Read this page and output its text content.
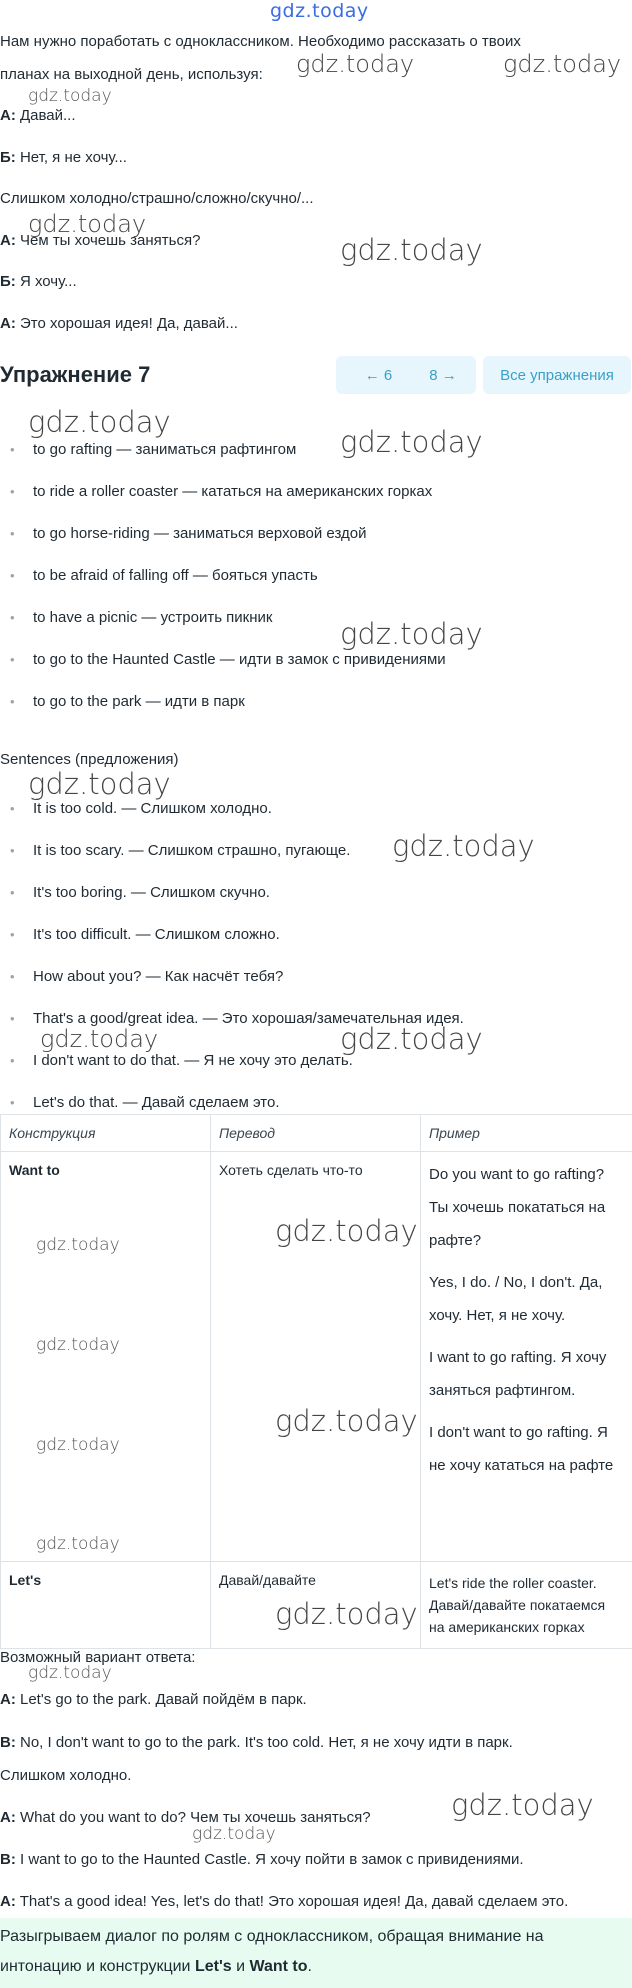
gdz.today

Нам нужно поработать с одноклассником. Необходимо рассказать о твоих

планах на выходной день, используя:

А: Давай...

Б: Нет, я не хочу...

Слишком холодно/страшно/сложно/скучно/...

А: Чем ты хочешь заняться?

Б: Я хочу...

А: Это хорошая идея! Да, давай...

Упражнение 7	← 6	8 →	Все упражнения
• to go rafting — заниматься рафтингом
• to ride a roller coaster — кататься на американских горках
• to go horse-riding — заниматься верховой ездой
• to be afraid of falling off — бояться упасть
• to have a picnic — устроить пикник
• to go to the Haunted Castle — идти в замок с привидениями
• to go to the park — идти в парк

Sentences (предложения)

• It is too cold. — Слишком холодно.
• It is too scary. — Слишком страшно, пугающе.
• It's too boring. — Слишком скучно.
• It's too difficult. — Слишком сложно.
• How about you? — Как насчёт тебя?
• That's a good/great idea. — Это хорошая/замечательная идея.
• I don't want to do that. — Я не хочу это делать.
• Let's do that. — Давай сделаем это.
Конструкция	Перевод	Пример
Want to	Хотеть сделать что-то	Do you want to go rafting? Ты хочешь покататься на рафте?

Yes, I do. / No, I don't. Да, хочу. Нет, я не хочу.

I want to go rafting. Я хочу заняться рафтингом.

I don't want to go rafting. Я не хочу кататься на рафте

Let's	Давай/давайте	Let's ride the roller coaster. Давай/давайте покатаемся на американских горках

Возможный вариант ответа:

A: Let's go to the park. Давай пойдём в парк.

B: No, I don't want to go to the park. It's too cold. Нет, я не хочу идти в парк.

Слишком холодно.

A: What do you want to do? Чем ты хочешь заняться?

B: I want to go to the Haunted Castle. Я хочу пойти в замок с привидениями.

A: That's a good idea! Yes, let's do that! Это хорошая идея! Да, давай сделаем это.

Разыгрываем диалог по ролям с одноклассником, обращая внимание на
интонацию и конструкции Let's и Want to.
gdz.today	gdz.today
gdz.today
gdz.today
gdz.today
gdz.today
gdz.today
gdz.today
gdz.today
gdz.today
gdz.today	gdz.today
gdz.today
gdz.today
gdz.today
gdz.today
gdz.today
gdz.today
gdz.today
gdz.today
gdz.today
gdz.today
